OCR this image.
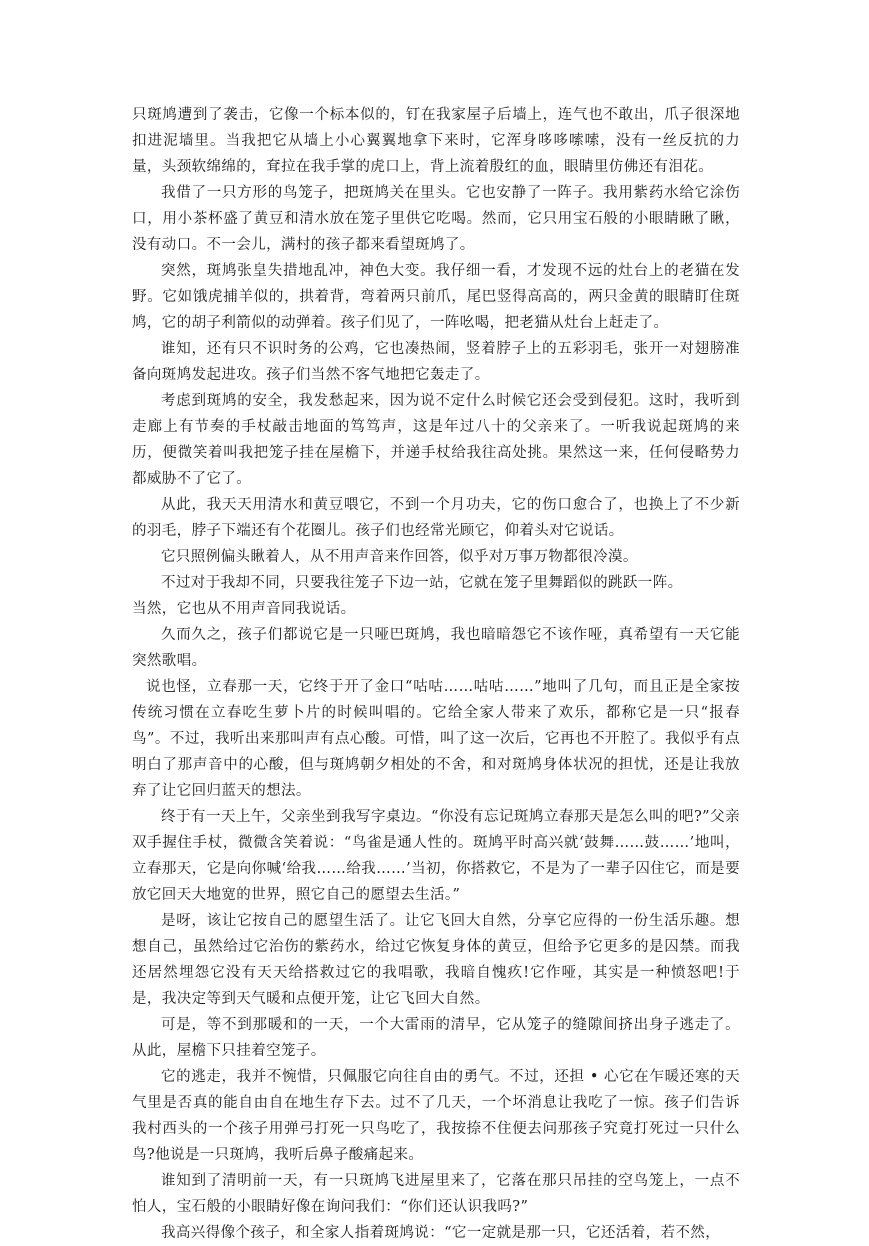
只斑鸠遭到了袭击，它像一个标本似的，钉在我家屋子后墙上，连气也不敢出，爪子很深地扣进泥墙里。当我把它从墙上小心翼翼地拿下来时，它浑身哆哆嗦嗦，没有一丝反抗的力量，头颈软绵绵的，耷拉在我手掌的虎口上，背上流着殷红的血，眼睛里仿佛还有泪花。

我借了一只方形的鸟笼子，把斑鸠关在里头。它也安静了一阵子。我用紫药水给它涂伤口，用小茶杯盛了黄豆和清水放在笼子里供它吃喝。然而，它只用宝石般的小眼睛瞅了瞅，没有动口。不一会儿，满村的孩子都来看望斑鸠了。

突然，斑鸠张皇失措地乱冲，神色大变。我仔细一看，才发现不远的灶台上的老猫在发野。它如饿虎捕羊似的，拱着背，弯着两只前爪，尾巴竖得高高的，两只金黄的眼睛盯住斑鸠，它的胡子利箭似的动弹着。孩子们见了，一阵吆喝，把老猫从灶台上赶走了。

谁知，还有只不识时务的公鸡，它也凑热闹，竖着脖子上的五彩羽毛，张开一对翅膀准备向斑鸠发起进攻。孩子们当然不客气地把它轰走了。

考虑到斑鸠的安全，我发愁起来，因为说不定什么时候它还会受到侵犯。这时，我听到走廊上有节奏的手杖敲击地面的笃笃声，这是年过八十的父亲来了。一听我说起斑鸠的来历，便微笑着叫我把笼子挂在屋檐下，并递手杖给我往高处挑。果然这一来，任何侵略势力都威胁不了它了。

从此，我天天用清水和黄豆喂它，不到一个月功夫，它的伤口愈合了，也换上了不少新的羽毛，脖子下端还有个花圈儿。孩子们也经常光顾它，仰着头对它说话。

它只照例偏头瞅着人，从不用声音来作回答，似乎对万事万物都很冷漠。

不过对于我却不同，只要我往笼子下边一站，它就在笼子里舞蹈似的跳跃一阵。

当然，它也从不用声音同我说话。

久而久之，孩子们都说它是一只哑巴斑鸠，我也暗暗怨它不该作哑，真希望有一天它能突然歌唱。

说也怪，立春那一天，它终于开了金口“咕咕……咕咕……”地叫了几句，而且正是全家按传统习惯在立春吃生萝卜片的时候叫唱的。它给全家人带来了欢乐，都称它是一只“报春鸟”。不过，我听出来那叫声有点心酸。可惜，叫了这一次后，它再也不开腔了。我似乎有点明白了那声音中的心酸，但与斑鸠朝夕相处的不舍，和对斑鸠身体状况的担忧，还是让我放弃了让它回归蓝天的想法。

终于有一天上午，父亲坐到我写字桌边。“你没有忘记斑鸠立春那天是怎么叫的吧?”父亲双手握住手杖，微微含笑着说：“鸟雀是通人性的。斑鸠平时高兴就‘鼓舞……鼓……’地叫，立春那天，它是向你喊‘给我……给我……’当初，你搭救它，不是为了一辈子囚住它，而是要放它回天大地宽的世界，照它自己的愿望去生活。”

是呀，该让它按自己的愿望生活了。让它飞回大自然，分享它应得的一份生活乐趣。想想自己，虽然给过它治伤的紫药水，给过它恢复身体的黄豆，但给予它更多的是囚禁。而我还居然埋怨它没有天天给搭救过它的我唱歌，我暗自愧疚!它作哑，其实是一种愤怒吧!于是，我决定等到天气暖和点便开笼，让它飞回大自然。

可是，等不到那暖和的一天，一个大雷雨的清早，它从笼子的缝隙间挤出身子逃走了。从此，屋檐下只挂着空笼子。

它的逃走，我并不惋惜，只佩服它向往自由的勇气。不过，还担 • 心它在乍暖还寒的天气里是否真的能自由自在地生存下去。过不了几天，一个坏消息让我吃了一惊。孩子们告诉我村西头的一个孩子用弹弓打死一只鸟吃了，我按捺不住便去问那孩子究竟打死过一只什么鸟?他说是一只斑鸠，我听后鼻子酸痛起来。

谁知到了清明前一天，有一只斑鸠飞进屋里来了，它落在那只吊挂的空鸟笼上，一点不怕人，宝石般的小眼睛好像在询问我们：“你们还认识我吗?”

我高兴得像个孩子，和全家人指着斑鸠说：“它一定就是那一只，它还活着，若不然，
